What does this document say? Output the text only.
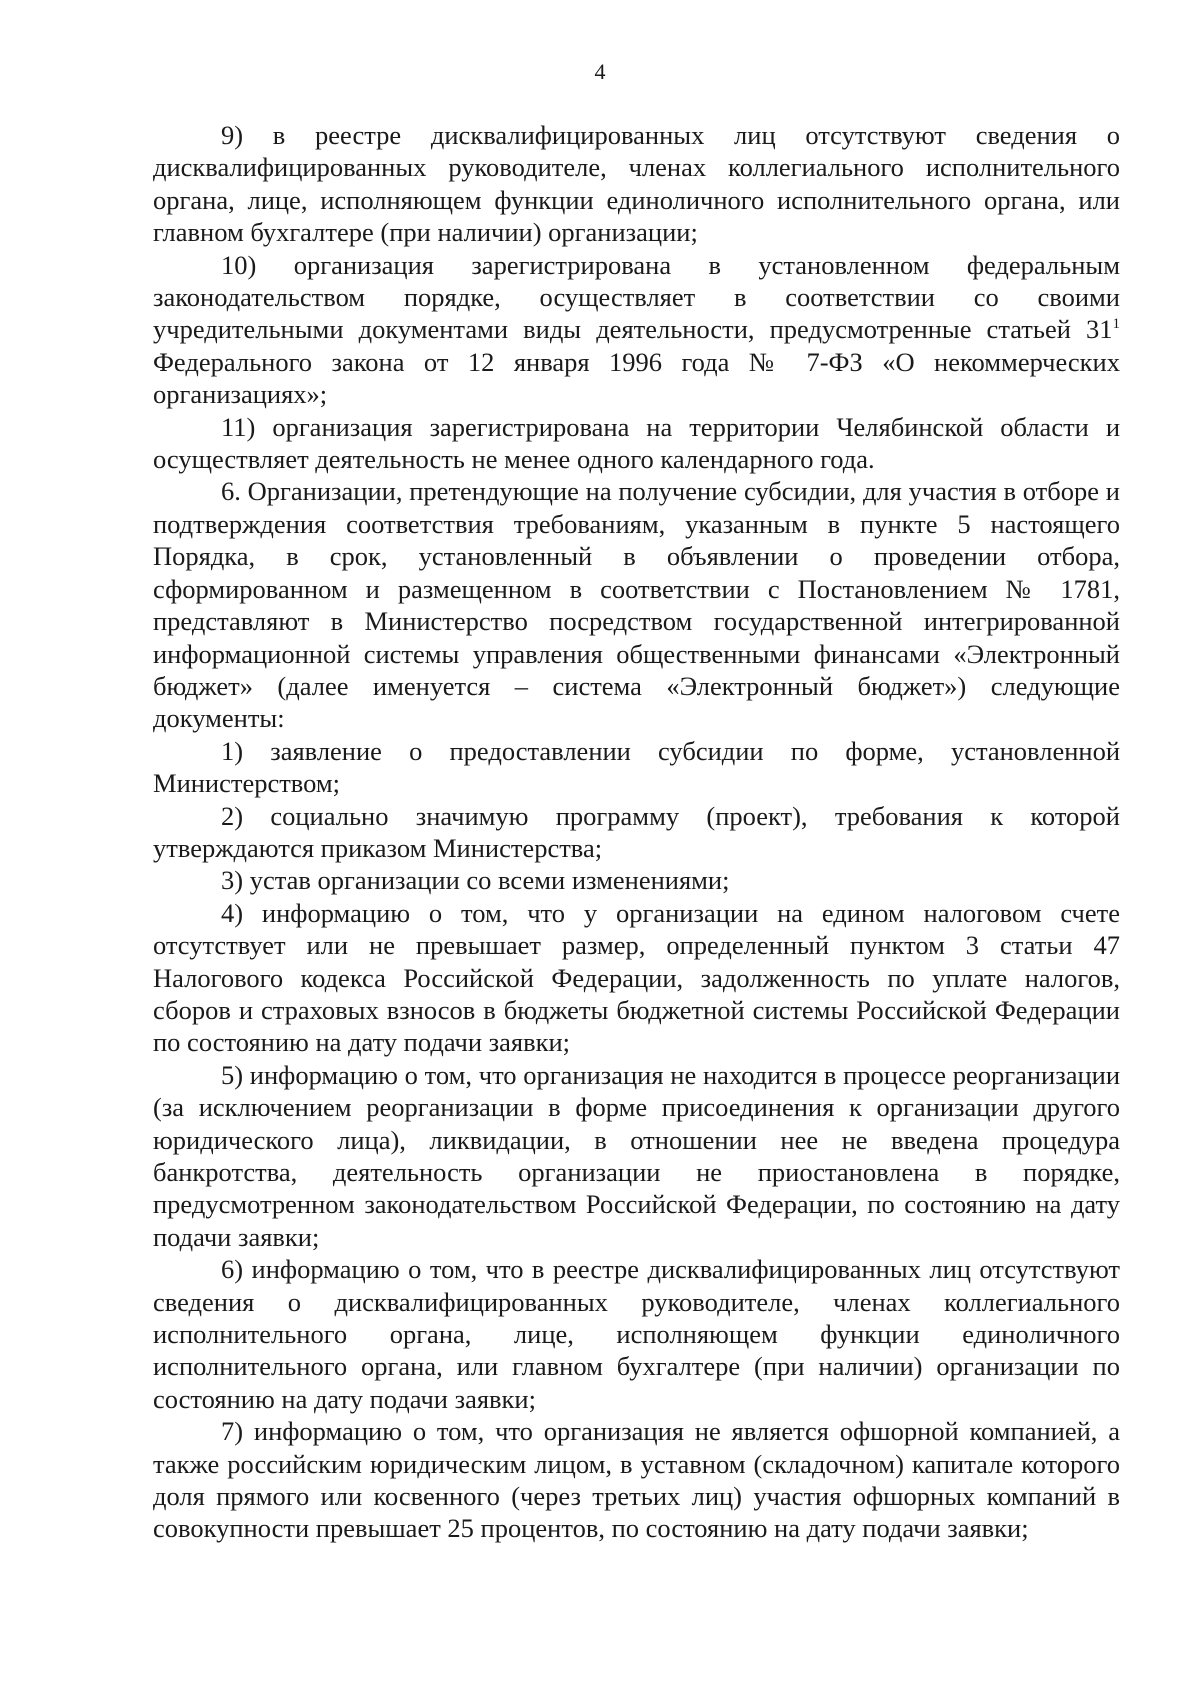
4

9) в реестре дисквалифицированных лиц отсутствуют сведения о дисквалифицированных руководителе, членах коллегиального исполнительного органа, лице, исполняющем функции единоличного исполнительного органа, или главном бухгалтере (при наличии) организации;

10) организация зарегистрирована в установленном федеральным законодательством порядке, осуществляет в соответствии со своими учредительными документами виды деятельности, предусмотренные статьей $31^1$ Федерального закона от 12 января 1996 года № 7-ФЗ «О некоммерческих организациях»;

11) организация зарегистрирована на территории Челябинской области и осуществляет деятельность не менее одного календарного года.

6. Организации, претендующие на получение субсидии, для участия в отборе и подтверждения соответствия требованиям, указанным в пункте 5 настоящего Порядка, в срок, установленный в объявлении о проведении отбора, сформированном и размещенном в соответствии с Постановлением № 1781, представляют в Министерство посредством государственной интегрированной информационной системы управления общественными финансами «Электронный бюджет» (далее именуется – система «Электронный бюджет») следующие документы:

1) заявление о предоставлении субсидии по форме, установленной Министерством;

2) социально значимую программу (проект), требования к которой утверждаются приказом Министерства;

3) устав организации со всеми изменениями;

4) информацию о том, что у организации на едином налоговом счете отсутствует или не превышает размер, определенный пунктом 3 статьи 47 Налогового кодекса Российской Федерации, задолженность по уплате налогов, сборов и страховых взносов в бюджеты бюджетной системы Российской Федерации по состоянию на дату подачи заявки;

5) информацию о том, что организация не находится в процессе реорганизации (за исключением реорганизации в форме присоединения к организации другого юридического лица), ликвидации, в отношении нее не введена процедура банкротства, деятельность организации не приостановлена в порядке, предусмотренном законодательством Российской Федерации, по состоянию на дату подачи заявки;

6) информацию о том, что в реестре дисквалифицированных лиц отсутствуют сведения о дисквалифицированных руководителе, членах коллегиального исполнительного органа, лице, исполняющем функции единоличного исполнительного органа, или главном бухгалтере (при наличии) организации по состоянию на дату подачи заявки;

7) информацию о том, что организация не является офшорной компанией, а также российским юридическим лицом, в уставном (складочном) капитале которого доля прямого или косвенного (через третьих лиц) участия офшорных компаний в совокупности превышает 25 процентов, по состоянию на дату подачи заявки;
